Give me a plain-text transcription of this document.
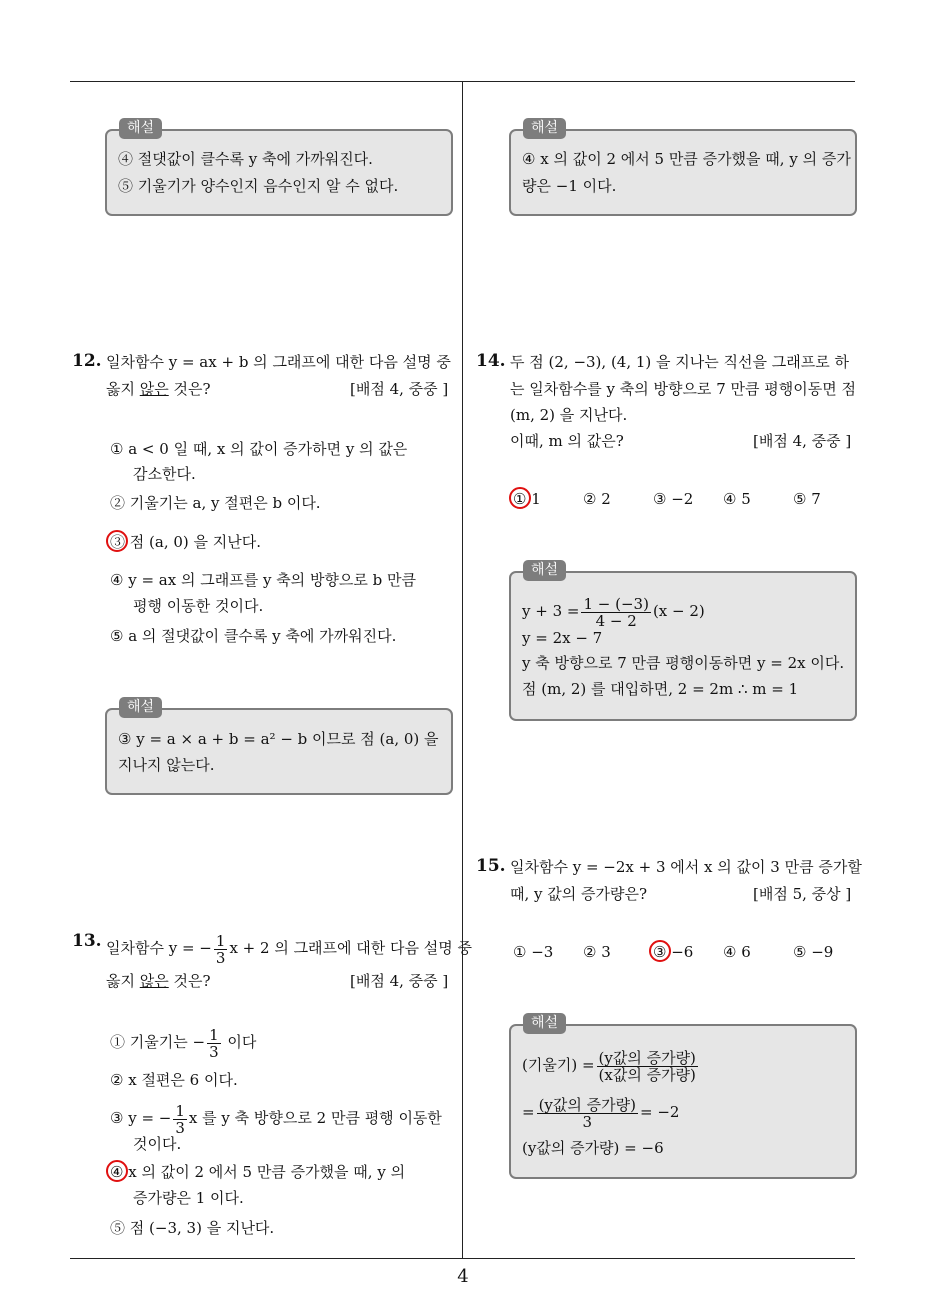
4
해설
④ 절댓값이 클수록 y 축에 가까워진다.
⑤ 기울기가 양수인지 음수인지 알 수 없다.
해설
④ x 의 값이 2 에서 5 만큼 증가했을 때, y 의 증가
량은 −1 이다.
12. 일차함수 y = ax + b 의 그래프에 대한 다음 설명 중
옳지 않은 것은?	[배점 4, 중중 ]
① a < 0 일 때, x 의 값이 증가하면 y 의 값은
감소한다.
② 기울기는 a, y 절편은 b 이다.
③ 점 (a, 0) 을 지난다.
④ y = ax 의 그래프를 y 축의 방향으로 b 만큼
평행 이동한 것이다.
⑤ a 의 절댓값이 클수록 y 축에 가까워진다.
해설
③ y = a × a + b = a² − b 이므로 점 (a, 0) 을
지나지 않는다.
13. 일차함수 y = − $\frac{1}{3}$ x + 2 의 그래프에 대한 다음 설명 중
옳지 않은 것은?	[배점 4, 중중 ]
① 기울기는 − $\frac{1}{3}$ 이다
② x 절편은 6 이다.
③ y = − $\frac{1}{3}$ x 를 y 축 방향으로 2 만큼 평행 이동한
것이다.
④ x 의 값이 2 에서 5 만큼 증가했을 때, y 의
증가량은 1 이다.
⑤ 점 (−3, 3) 을 지난다.
14. 두 점 (2, −3), (4, 1) 을 지나는 직선을 그래프로 하
는 일차함수를 y 축의 방향으로 7 만큼 평행이동면 점
(m, 2) 을 지난다.
이때, m 의 값은?	[배점 4, 중중 ]
① 1	② 2	③ −2 ④ 5	⑤ 7
해설
$y + 3 = \frac{1 - (-3)}{4 - 2} (x - 2)$
y = 2x − 7
y 축 방향으로 7 만큼 평행이동하면 y = 2x 이다.
점 (m, 2) 를 대입하면, 2 = 2m ∴ m = 1
15. 일차함수 y = −2x + 3 에서 x 의 값이 3 만큼 증가할
때, y 값의 증가량은?	[배점 5, 중상 ]
① −3 ② 3	③ −6 ④ 6	⑤ −9
해설
(기울기) = $\frac{\text{(y값의 증가량)}}{\text{(x값의 증가량)}}$
= $\frac{\text{(y값의 증가량)}}{3} = -2$
(y값의 증가량) = −6
